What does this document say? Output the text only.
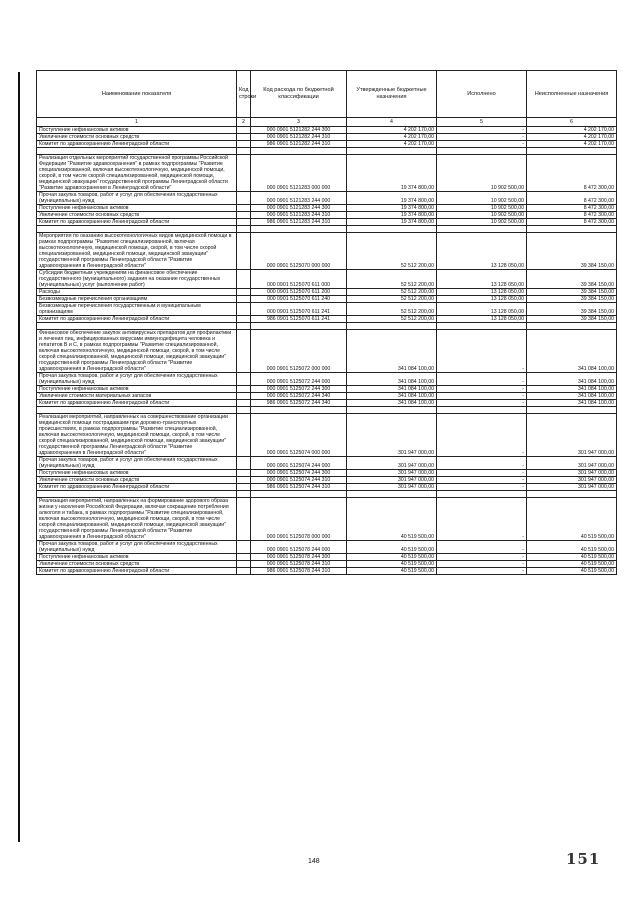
Наименование показателя	Код строки	Код расхода по бюджетной классификации	Утвержденные бюджетные назначения	Исполнено	Неисполненные назначения
1	2	3	4	5	6
Поступление нефинансовых активов		000 0901 5121282 244 300	4 202 170,00	-	4 202 170,00
Увеличение стоимости основных средств		000 0901 5121282 244 310	4 202 170,00	-	4 202 170,00
Комитет по здравоохранению Ленинградской области		986 0901 5121282 244 310	4 202 170,00	-	4 202 170,00

Реализация отдельных мероприятий государственной программы Российской Федерации "Развитие здравоохранения" в рамках подпрограммы "Развитие специализированной, включая высокотехнологичную, медицинской помощи, скорой, в том числе скорой специализированной, медицинской помощи, медицинской эвакуации" государственной программы Ленинградской области "Развитие здравоохранения в Ленинградской области"		000 0901 5121283 000 000	19 374 800,00	10 902 500,00	8 472 300,00
Прочая закупка товаров, работ и услуг для обеспечения государственных (муниципальных) нужд		000 0901 5121283 244 000	19 374 800,00	10 902 500,00	8 472 300,00
Поступление нефинансовых активов		000 0901 5121283 244 300	19 374 800,00	10 902 500,00	8 472 300,00
Увеличение стоимости основных средств		000 0901 5121283 244 310	19 374 800,00	10 902 500,00	8 472 300,00
Комитет по здравоохранению Ленинградской области		986 0901 5121283 244 310	19 374 800,00	10 902 500,00	8 472 300,00

Мероприятия по оказанию высокотехнологичных видов медицинской помощи в рамках подпрограммы "Развитие специализированной, включая высокотехнологичную, медицинской помощи, скорой, в том числе скорой специализированной, медицинской помощи, медицинской эвакуации" государственной программы Ленинградской области "Развитие здравоохранения в Ленинградской области"		000 0901 5125070 000 000	52 512 200,00	13 128 050,00	39 384 150,00
Субсидии бюджетным учреждениям на финансовое обеспечение государственного (муниципального) задания на оказание государственных (муниципальных) услуг (выполнение работ)		000 0901 5125070 611 000	52 512 200,00	13 128 050,00	39 384 150,00
Расходы		000 0901 5125070 611 200	52 512 200,00	13 128 050,00	39 384 150,00
Безвозмездные перечисления организациям		000 0901 5125070 611 240	52 512 200,00	13 128 050,00	39 384 150,00
Безвозмездные перечисления государственным и муниципальным организациям		000 0901 5125070 611 241	52 512 200,00	13 128 050,00	39 384 150,00
Комитет по здравоохранению Ленинградской области		986 0901 5125070 611 241	52 512 200,00	13 128 050,00	39 384 150,00

Финансовое обеспечение закупок антивирусных препаратов для профилактики и лечения лиц, инфицированных вирусами иммунодефицита человека и гепатитов В и С, в рамках подпрограммы "Развитие специализированной, включая высокотехнологичную, медицинской помощи, скорой, в том числе скорой специализированной, медицинской помощи, медицинской эвакуации" государственной программы Ленинградской области "Развитие здравоохранения в Ленинградской области"		000 0901 5125072 000 000	341 084 100,00	-	341 084 100,00
Прочая закупка товаров, работ и услуг для обеспечения государственных (муниципальных) нужд		000 0901 5125072 244 000	341 084 100,00	-	341 084 100,00
Поступление нефинансовых активов		000 0901 5125072 244 300	341 084 100,00	-	341 084 100,00
Увеличение стоимости материальных запасов		000 0901 5125072 244 340	341 084 100,00	-	341 084 100,00
Комитет по здравоохранению Ленинградской области		986 0901 5125072 244 340	341 084 100,00	-	341 084 100,00

Реализация мероприятий, направленных на совершенствование организации медицинской помощи пострадавшим при дорожно-транспортных происшествиях, в рамках подпрограммы "Развитие специализированной, включая высокотехнологичную, медицинской помощи, скорой, в том числе скорой специализированной, медицинской помощи, медицинской эвакуации" государственной программы Ленинградской области "Развитие здравоохранения в Ленинградской области"		000 0901 5125074 000 000	301 947 000,00	-	301 947 000,00
Прочая закупка товаров, работ и услуг для обеспечения государственных (муниципальных) нужд		000 0901 5125074 244 000	301 947 000,00	-	301 947 000,00
Поступление нефинансовых активов		000 0901 5125074 244 300	301 947 000,00	-	301 947 000,00
Увеличение стоимости основных средств		000 0901 5125074 244 310	301 947 000,00	-	301 947 000,00
Комитет по здравоохранению Ленинградской области		986 0901 5125074 244 310	301 947 000,00	-	301 947 000,00

Реализация мероприятий, направленных на формирование здорового образа жизни у населения Российской Федерации, включая сокращение потребления алкоголя и табака, в рамках подпрограммы "Развитие специализированной, включая высокотехнологичную, медицинской помощи, скорой, в том числе скорой специализированной, медицинской помощи, медицинской эвакуации" государственной программы Ленинградской области "Развитие здравоохранения в Ленинградской области"		000 0901 5125078 000 000	40 519 500,00	-	40 519 500,00
Прочая закупка товаров, работ и услуг для обеспечения государственных (муниципальных) нужд		000 0901 5125078 244 000	40 519 500,00	-	40 519 500,00
Поступление нефинансовых активов		000 0901 5125078 244 300	40 519 500,00	-	40 519 500,00
Увеличение стоимости основных средств		000 0901 5125078 244 310	40 519 500,00	-	40 519 500,00
Комитет по здравоохранению Ленинградской области		986 0901 5125078 244 310	40 519 500,00	-	40 519 500,00
148	151
